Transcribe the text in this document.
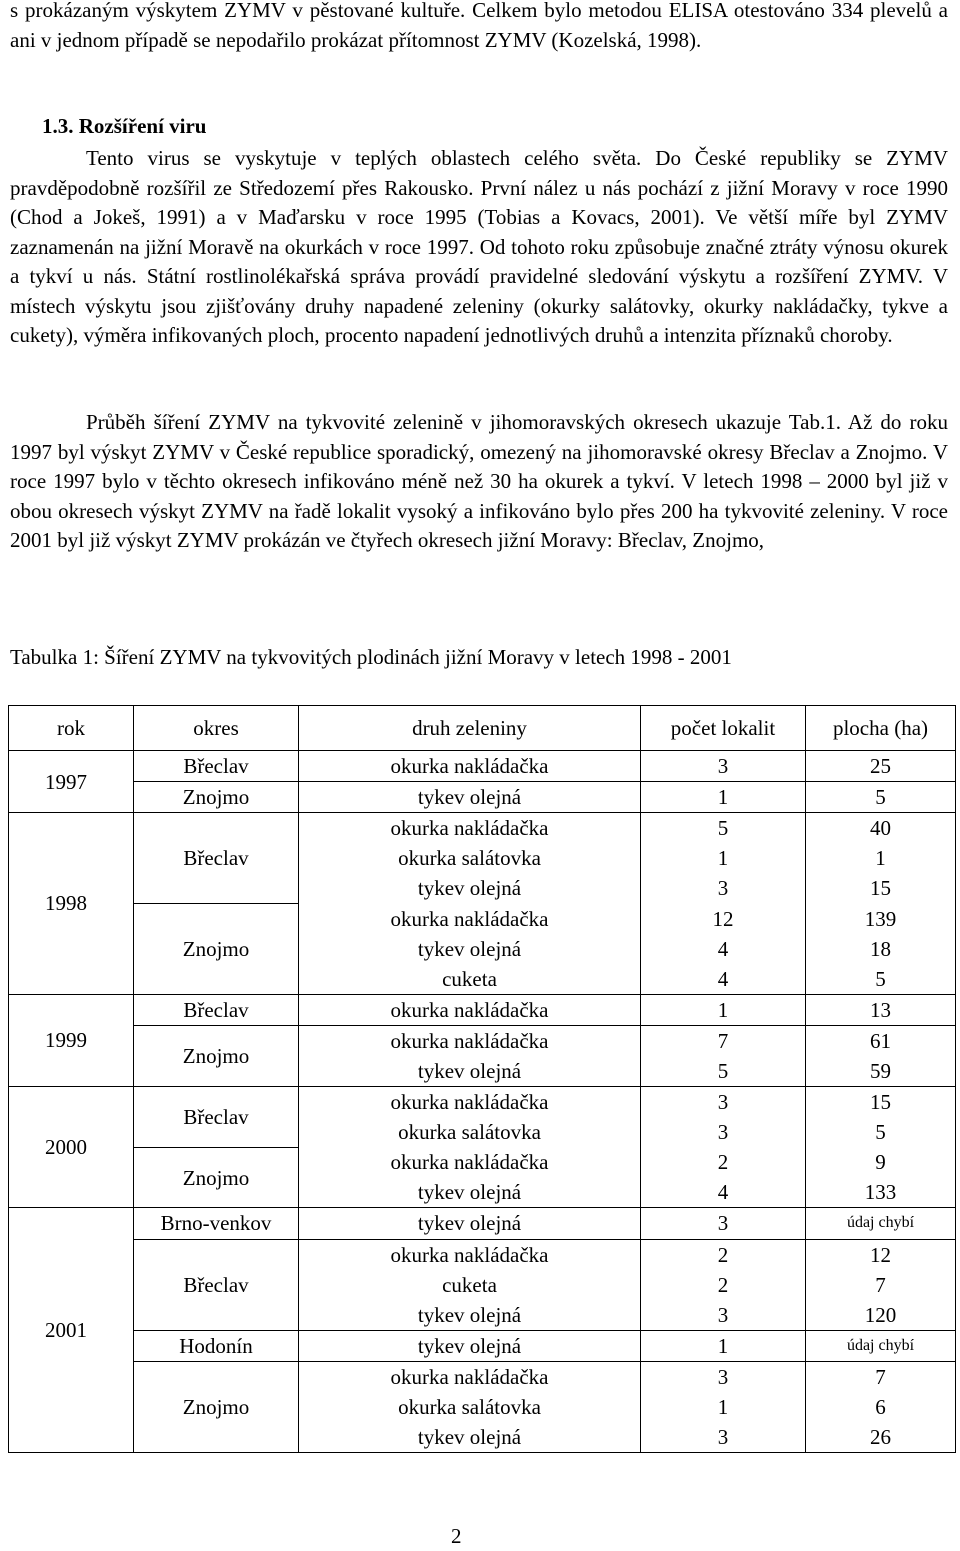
s prokázaným výskytem ZYMV v pěstované kultuře. Celkem bylo metodou ELISA otestováno 334 plevelů a ani v jednom případě se nepodařilo prokázat přítomnost ZYMV (Kozelská, 1998).

1.3. Rozšíření viru

Tento virus se vyskytuje v teplých oblastech celého světa. Do České republiky se ZYMV pravděpodobně rozšířil ze Středozemí přes Rakousko. První nález u nás pochází z jižní Moravy v roce 1990 (Chod a Jokeš, 1991) a v Maďarsku v roce 1995 (Tobias a Kovacs, 2001). Ve větší míře byl ZYMV zaznamenán na jižní Moravě na okurkách v roce 1997. Od tohoto roku způsobuje značné ztráty výnosu okurek a tykví u nás. Státní rostlinolékařská správa provádí pravidelné sledování výskytu a rozšíření ZYMV. V místech výskytu jsou zjišťovány druhy napadené zeleniny (okurky salátovky, okurky nakládačky, tykve a cukety), výměra infikovaných ploch, procento napadení jednotlivých druhů a intenzita příznaků choroby.

Průběh šíření ZYMV na tykvovité zelenině v jihomoravských okresech ukazuje Tab.1. Až do roku 1997 byl výskyt ZYMV v České republice sporadický, omezený na jihomoravské okresy Břeclav a Znojmo. V roce 1997 bylo v těchto okresech infikováno méně než 30 ha okurek a tykví. V letech 1998 – 2000 byl již v obou okresech výskyt ZYMV na řadě lokalit vysoký a infikováno bylo přes 200 ha tykvovité zeleniny. V roce 2001 byl již výskyt ZYMV prokázán ve čtyřech okresech jižní Moravy: Břeclav, Znojmo,

Tabulka 1: Šíření ZYMV na tykvovitých plodinách jižní Moravy v letech 1998 - 2001

rok	okres	druh zeleniny	počet lokalit	plocha (ha)
1997	Břeclav	okurka nakládačka	3	25
	Znojmo	tykev olejná	1	5
1998	Břeclav	okurka nakládačka	5	40
		okurka salátovka	1	1
		tykev olejná	3	15
	Znojmo	okurka nakládačka	12	139
		tykev olejná	4	18
		cuketa	4	5
1999	Břeclav	okurka nakládačka	1	13
	Znojmo	okurka nakládačka	7	61
		tykev olejná	5	59
2000	Břeclav	okurka nakládačka	3	15
		okurka salátovka	3	5
	Znojmo	okurka nakládačka	2	9
		tykev olejná	4	133
2001	Brno-venkov	tykev olejná	3	údaj chybí
	Břeclav	okurka nakládačka	2	12
		cuketa	2	7
		tykev olejná	3	120
	Hodonín	tykev olejná	1	údaj chybí
	Znojmo	okurka nakládačka	3	7
		okurka salátovka	1	6
		tykev olejná	3	26

2
